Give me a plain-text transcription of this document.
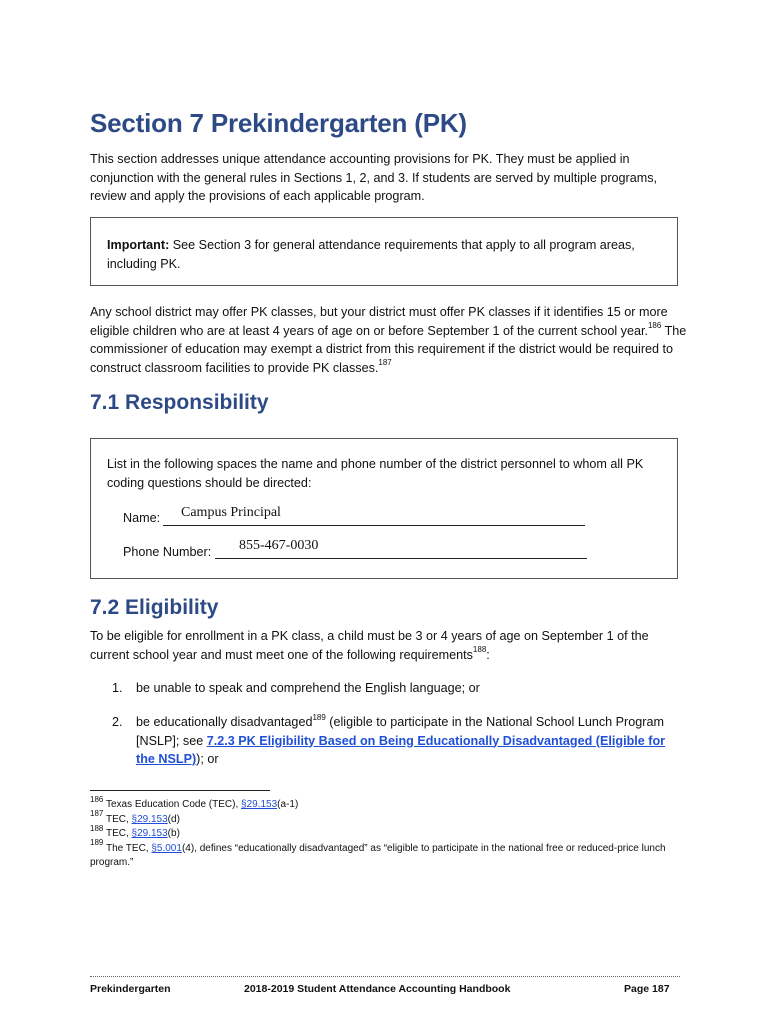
Section 7 Prekindergarten (PK)

This section addresses unique attendance accounting provisions for PK. They must be applied in conjunction with the general rules in Sections 1, 2, and 3. If students are served by multiple programs, review and apply the provisions of each applicable program.

Important: See Section 3 for general attendance requirements that apply to all program areas, including PK.

Any school district may offer PK classes, but your district must offer PK classes if it identifies 15 or more eligible children who are at least 4 years of age on or before September 1 of the current school year.$^{186}$ The commissioner of education may exempt a district from this requirement if the district would be required to construct classroom facilities to provide PK classes.$^{187}$

7.1 Responsibility
List in the following spaces the name and phone number of the district personnel to whom all PK coding questions should be directed:
Name: Campus Principal
Phone Number: 855-467-0030
7.2 Eligibility

To be eligible for enrollment in a PK class, a child must be 3 or 4 years of age on September 1 of the current school year and must meet one of the following requirements$^{188}$:

1. be unable to speak and comprehend the English language; or
2. be educationally disadvantaged$^{189}$ (eligible to participate in the National School Lunch Program [NSLP]; see 7.2.3 PK Eligibility Based on Being Educationally Disadvantaged (Eligible for the NSLP)); or
$^{186}$ Texas Education Code (TEC), §29.153(a-1)
$^{187}$ TEC, §29.153(d)
$^{188}$ TEC, §29.153(b)
$^{189}$ The TEC, §5.001(4), defines “educationally disadvantaged” as “eligible to participate in the national free or reduced-price lunch program.”
Prekindergarten	2018-2019 Student Attendance Accounting Handbook	Page 187
